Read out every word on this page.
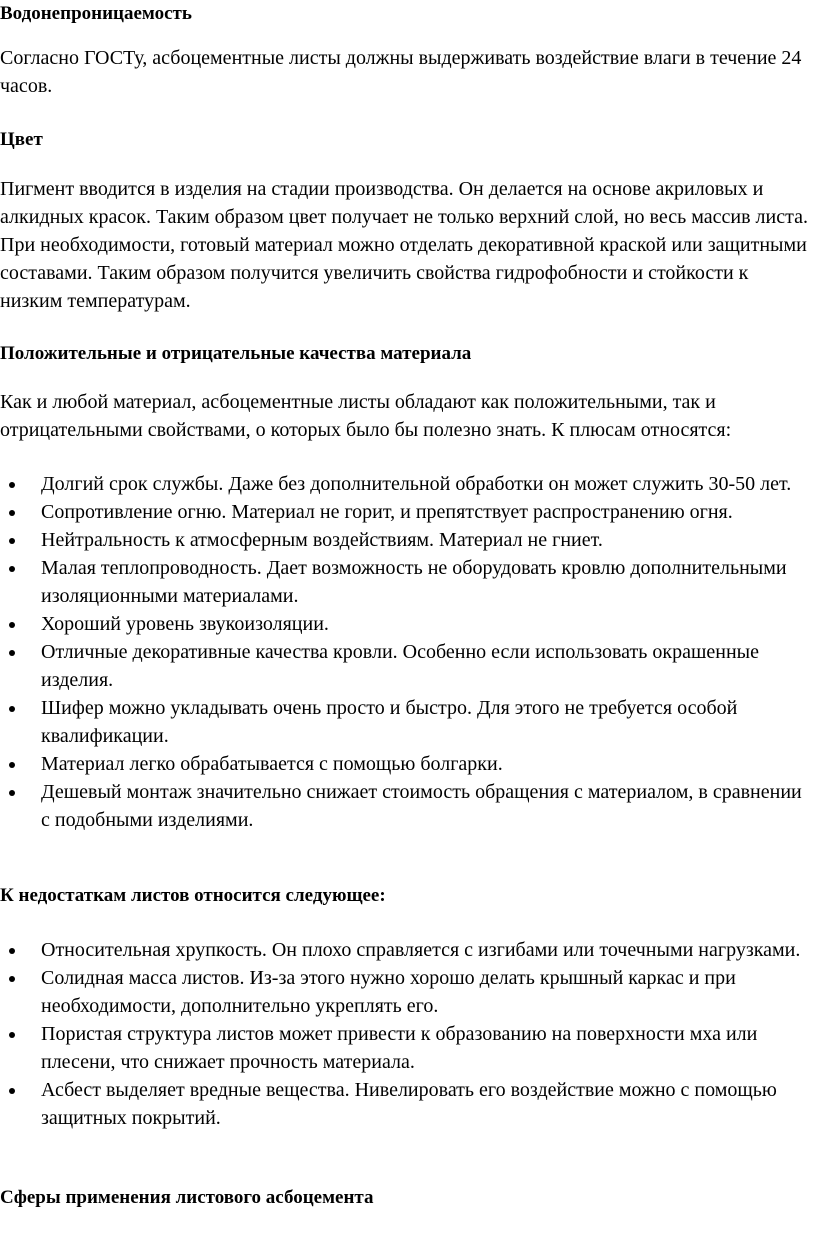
Водонепроницаемость

Согласно ГОСТу, асбоцементные листы должны выдерживать воздействие влаги в течение 24 часов.

Цвет

Пигмент вводится в изделия на стадии производства. Он делается на основе акриловых и алкидных красок. Таким образом цвет получает не только верхний слой, но весь массив листа. При необходимости, готовый материал можно отделать декоративной краской или защитными составами. Таким образом получится увеличить свойства гидрофобности и стойкости к низким температурам.

Положительные и отрицательные качества материала

Как и любой материал, асбоцементные листы обладают как положительными, так и отрицательными свойствами, о которых было бы полезно знать. К плюсам относятся:

Долгий срок службы. Даже без дополнительной обработки он может служить 30-50 лет.
Сопротивление огню. Материал не горит, и препятствует распространению огня.
Нейтральность к атмосферным воздействиям. Материал не гниет.
Малая теплопроводность. Дает возможность не оборудовать кровлю дополнительными изоляционными материалами.
Хороший уровень звукоизоляции.
Отличные декоративные качества кровли. Особенно если использовать окрашенные изделия.
Шифер можно укладывать очень просто и быстро. Для этого не требуется особой квалификации.
Материал легко обрабатывается с помощью болгарки.
Дешевый монтаж значительно снижает стоимость обращения с материалом, в сравнении с подобными изделиями.
К недостаткам листов относится следующее:
Относительная хрупкость. Он плохо справляется с изгибами или точечными нагрузками.
Солидная масса листов. Из-за этого нужно хорошо делать крышный каркас и при необходимости, дополнительно укреплять его.
Пористая структура листов может привести к образованию на поверхности мха или плесени, что снижает прочность материала.
Асбест выделяет вредные вещества. Нивелировать его воздействие можно с помощью защитных покрытий.
Сферы применения листового асбоцемента
